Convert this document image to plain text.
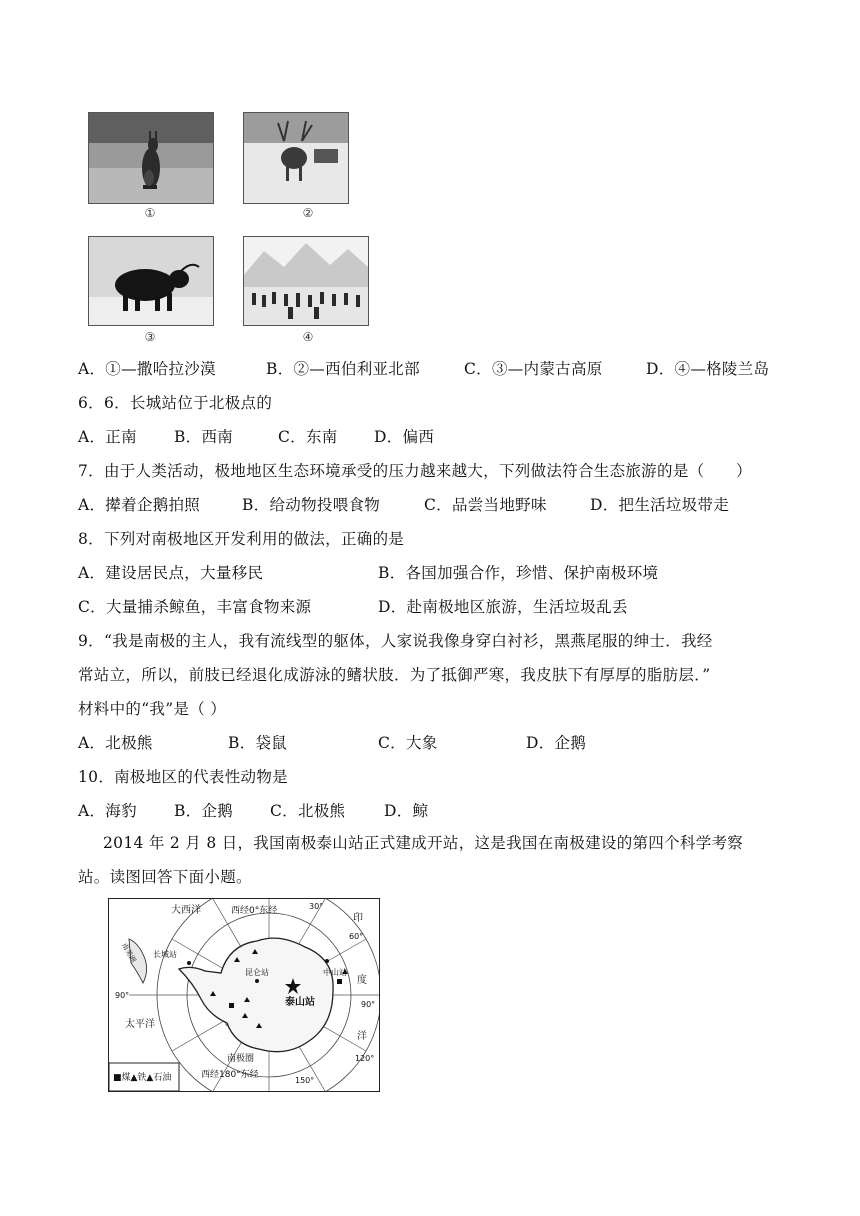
①	②
③	④
A．①—撒哈拉沙漠	B．②—西伯利亚北部	C．③—内蒙古高原	D．④—格陵兰岛
6．6．长城站位于北极点的
A．正南 B．西南	C．东南 D．偏西
7．由于人类活动，极地地区生态环境承受的压力越来越大，下列做法符合生态旅游的是（　　）
A．撵着企鹅拍照	B．给动物投喂食物	C．品尝当地野味	D．把生活垃圾带走
8．下列对南极地区开发利用的做法，正确的是
A．建设居民点，大量移民	B．各国加强合作，珍惜、保护南极环境
C．大量捕杀鲸鱼，丰富食物来源	D．赴南极地区旅游，生活垃圾乱丢
9．“我是南极的主人，我有流线型的躯体，人家说我像身穿白衬衫，黑燕尾服的绅士．我经
常站立，所以，前肢已经退化成游泳的鳍状肢．为了抵御严寒，我皮肤下有厚厚的脂肪层．”
材料中的“我”是（ ）
A．北极熊	B．袋鼠	C．大象	D．企鹅
10．南极地区的代表性动物是
A．海豹 B．企鹅 C．北极熊 D．鲸
2014 年 2 月 8 日，我国南极泰山站正式建成开站，这是我国在南极建设的第四个科学考察
站。读图回答下面小题。
大西洋	西经0°东经	30°
60°
90°
90°
120°
150°
长城站
昆仑站	中山站
泰山站
南极圈
太平洋
南美洲
印
度
洋
西经180°东经
■煤▲铁▲石油
